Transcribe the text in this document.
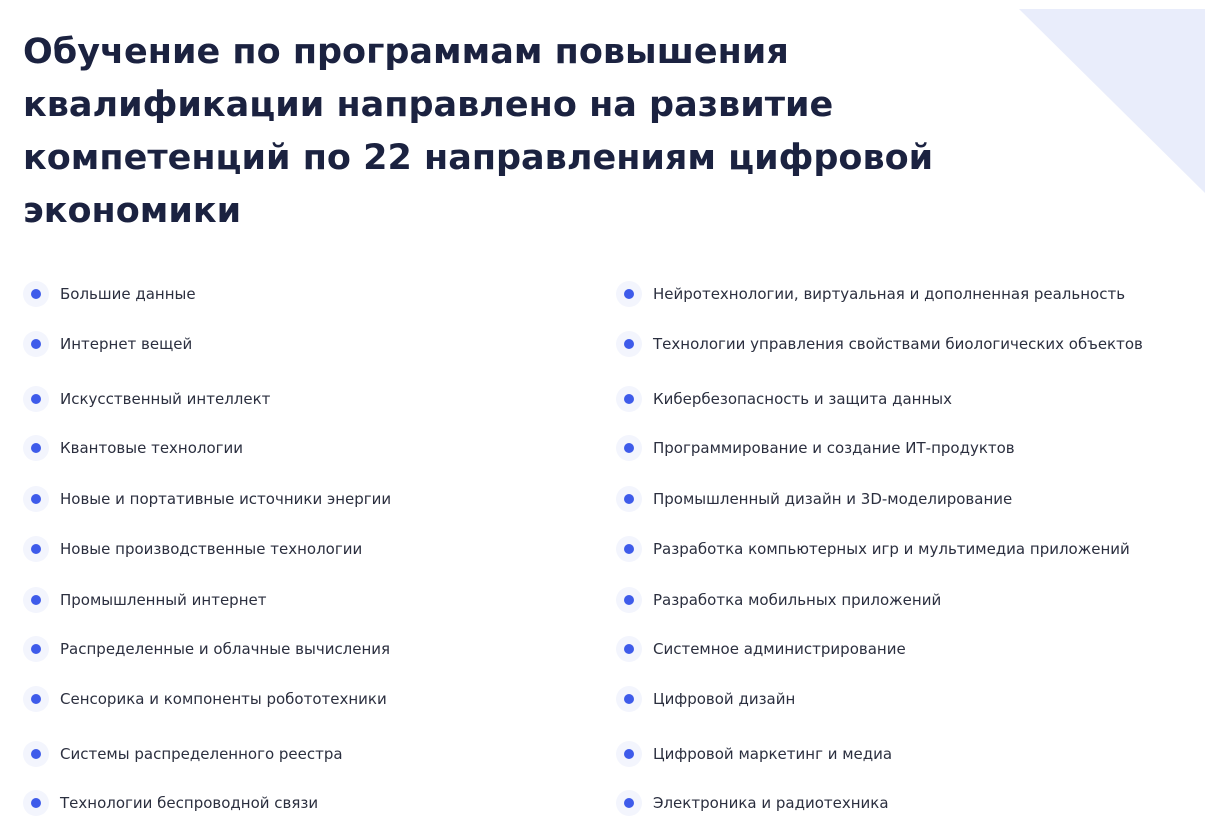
Обучение по программам повышения
квалификации направлено на развитие
компетенций по 22 направлениям цифровой
экономики
Большие данные
Интернет вещей
Искусственный интеллект
Квантовые технологии
Новые и портативные источники энергии
Новые производственные технологии
Промышленный интернет
Распределенные и облачные вычисления
Сенсорика и компоненты робототехники
Системы распределенного реестра
Технологии беспроводной связи
Нейротехнологии, виртуальная и дополненная реальность
Технологии управления свойствами биологических объектов
Кибербезопасность и защита данных
Программирование и создание ИТ-продуктов
Промышленный дизайн и 3D-моделирование
Разработка компьютерных игр и мультимедиа приложений
Разработка мобильных приложений
Системное администрирование
Цифровой дизайн
Цифровой маркетинг и медиа
Электроника и радиотехника
